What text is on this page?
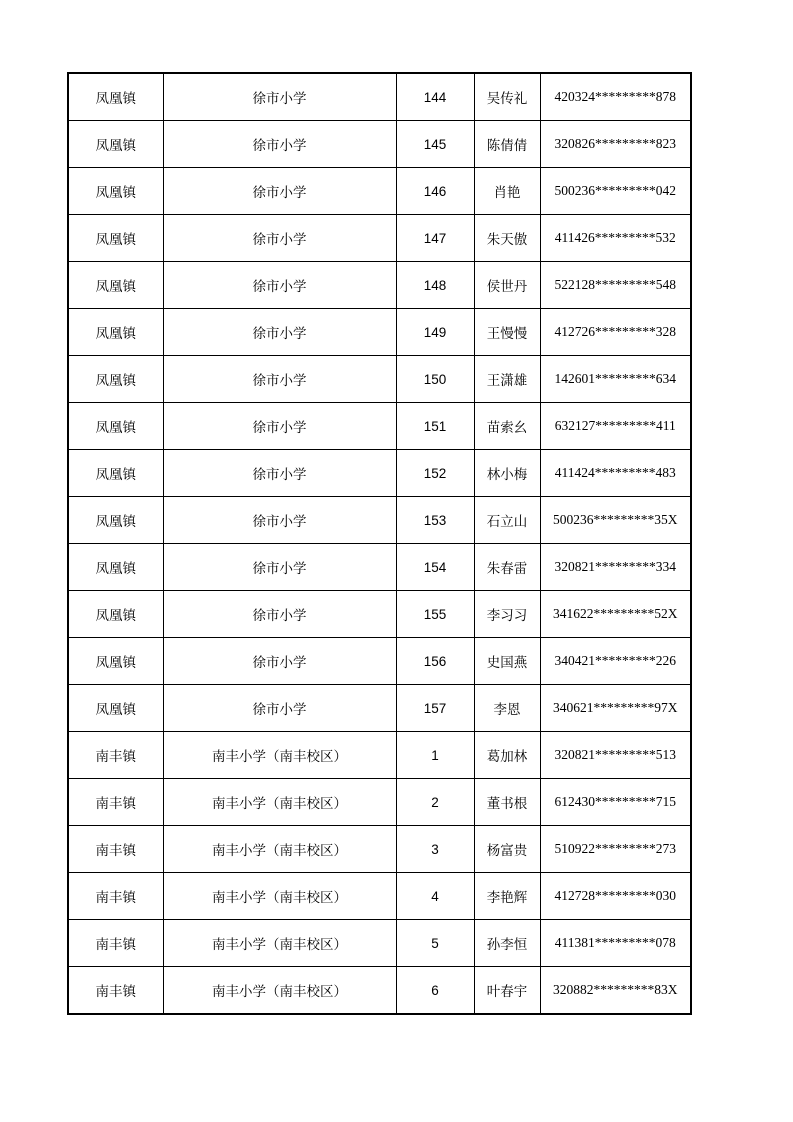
凤凰镇	徐市小学	144	吴传礼	420324*********878
凤凰镇	徐市小学	145	陈倩倩	320826*********823
凤凰镇	徐市小学	146	肖艳	500236*********042
凤凰镇	徐市小学	147	朱天傲	411426*********532
凤凰镇	徐市小学	148	侯世丹	522128*********548
凤凰镇	徐市小学	149	王慢慢	412726*********328
凤凰镇	徐市小学	150	王潇雄	142601*********634
凤凰镇	徐市小学	151	苗索幺	632127*********411
凤凰镇	徐市小学	152	林小梅	411424*********483
凤凰镇	徐市小学	153	石立山	500236*********35X
凤凰镇	徐市小学	154	朱春雷	320821*********334
凤凰镇	徐市小学	155	李习习	341622*********52X
凤凰镇	徐市小学	156	史国燕	340421*********226
凤凰镇	徐市小学	157	李恩	340621*********97X
南丰镇	南丰小学（南丰校区）	1	葛加林	320821*********513
南丰镇	南丰小学（南丰校区）	2	董书根	612430*********715
南丰镇	南丰小学（南丰校区）	3	杨富贵	510922*********273
南丰镇	南丰小学（南丰校区）	4	李艳辉	412728*********030
南丰镇	南丰小学（南丰校区）	5	孙李恒	411381*********078
南丰镇	南丰小学（南丰校区）	6	叶春宇	320882*********83X
